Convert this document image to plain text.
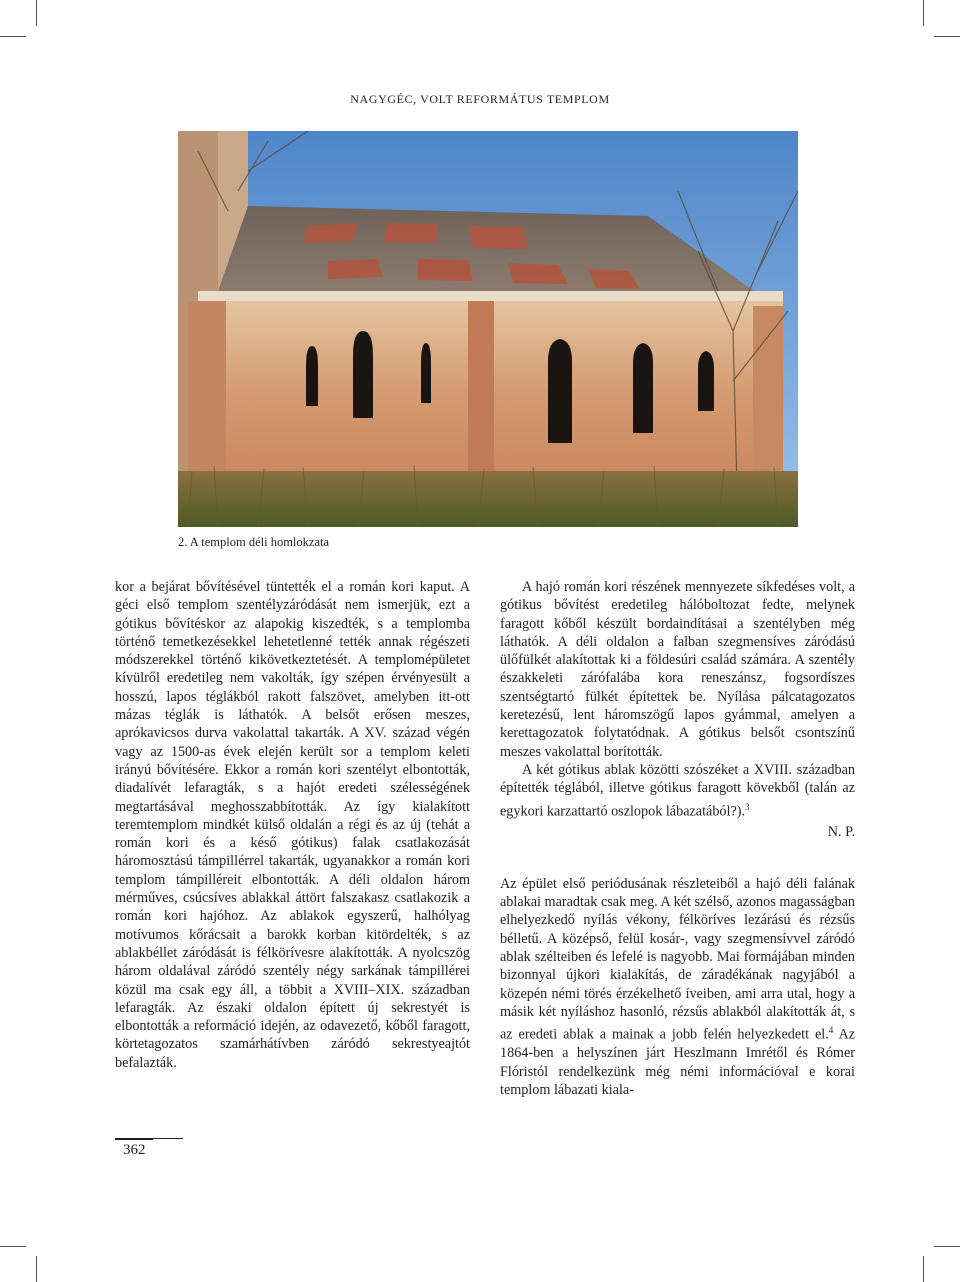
NAGYGÉC, VOLT REFORMÁTUS TEMPLOM
2. A templom déli homlokzata

kor a bejárat bővítésével tüntették el a román kori kaput. A géci első templom szentélyzáródását nem ismerjük, ezt a gótikus bővítéskor az alapokig kiszedték, s a templomba történő temetkezésekkel lehetetlenné tették annak régészeti módszerekkel történő kikövetkeztetését. A templomépületet kívülről eredetileg nem vakolták, így szépen érvényesült a hosszú, lapos téglákból rakott falszövet, amelyben itt-ott mázas téglák is láthatók. A belsőt erősen meszes, aprókavicsos durva vakolattal takarták. A XV. század végén vagy az 1500-as évek elején került sor a templom keleti irányú bővítésére. Ekkor a román kori szentélyt elbontották, diadalívét lefaragták, s a hajót eredeti szélességének megtartásával meghosszabbították. Az így kialakított teremtemplom mindkét külső oldalán a régi és az új (tehát a román kori és a késő gótikus) falak csatlakozását háromosztású támpillérrel takarták, ugyanakkor a román kori templom támpilléreit elbontották. A déli oldalon három mérműves, csúcsíves ablakkal áttört falszakasz csatlakozik a román kori hajóhoz. Az ablakok egyszerű, halhólyag motívumos kőrácsait a barokk korban kitördelték, s az ablakbéllet záródását is félkörívesre alakították. A nyolcszög három oldalával záródó szentély négy sarkának támpillérei közül ma csak egy áll, a többit a XVIII–XIX. században lefaragták. Az északi oldalon épített új sekrestyét is elbontották a reformáció idején, az odavezető, kőből faragott, körtetagozatos szamárhátívben záródó sekrestyeajtót befalazták.

A hajó román kori részének mennyezete síkfedéses volt, a gótikus bővítést eredetileg hálóboltozat fedte, melynek faragott kőből készült bordaindításai a szentélyben még láthatók. A déli oldalon a falban szegmensíves záródású ülőfülkét alakítottak ki a földesúri család számára. A szentély északkeleti zárófalába kora reneszánsz, fogsordíszes szentségtartó fülkét építettek be. Nyílása pálcatagozatos keretezésű, lent háromszögű lapos gyámmal, amelyen a kerettagozatok folytatódnak. A gótikus belsőt csontszínű meszes vakolattal borították.

A két gótikus ablak közötti szószéket a XVIII. században építették téglából, illetve gótikus faragott kövekből (talán az egykori karzattartó oszlopok lábazatából?).$^3$

N. P.

Az épület első periódusának részleteiből a hajó déli falának ablakai maradtak csak meg. A két szélső, azonos magasságban elhelyezkedő nyílás vékony, félköríves lezárású és rézsűs bélletű. A középső, felül kosár-, vagy szegmensívvel záródó ablak szélteiben és lefelé is nagyobb. Mai formájában minden bizonnyal újkori kialakítás, de záradékának nagyjából a közepén némi törés érzékelhető íveiben, ami arra utal, hogy a másik két nyíláshoz hasonló, rézsűs ablakból alakították át, s az eredeti ablak a mainak a jobb felén helyezkedett el.$^4$ Az 1864-ben a helyszínen járt Heszlmann Imrétől és Rómer Flóristól rendelkezünk még némi információval e korai templom lábazati kiala-

362
